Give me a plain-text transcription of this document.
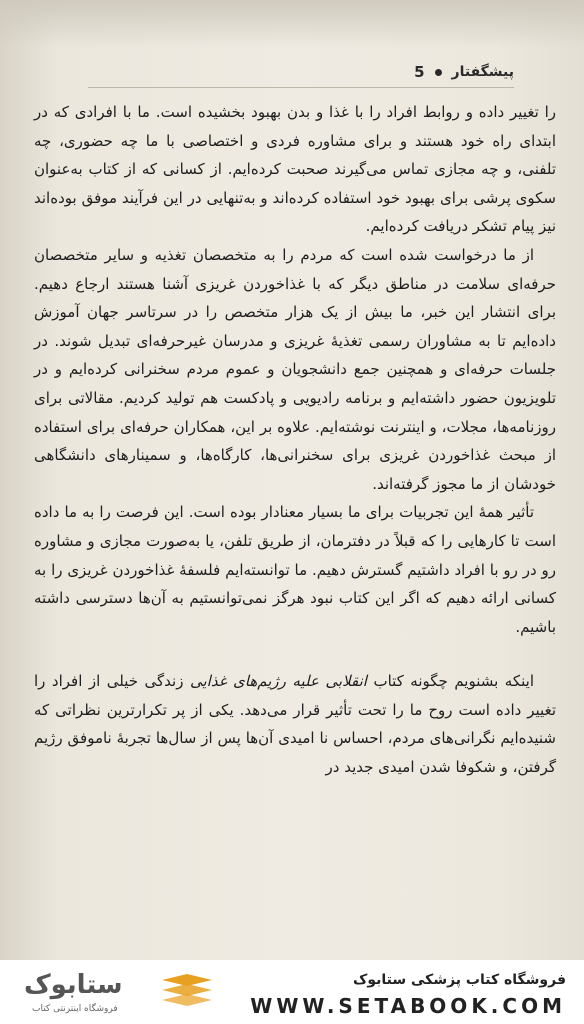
پیشگفتار
5

را تغییر داده و روابط افراد را با غذا و بدن بهبود بخشیده است. ما با افرادی که در ابتدای راه خود هستند و برای مشاوره فردی و اختصاصی با ما چه حضوری، چه تلفنی، و چه مجازی تماس می‌گیرند صحبت کرده‌ایم. از کسانی که از کتاب به‌عنوان سکوی پرشی برای بهبود خود استفاده کرده‌اند و به‌تنهایی در این فرآیند موفق بوده‌اند نیز پیام تشکر دریافت کرده‌ایم.

از ما درخواست شده است که مردم را به متخصصان تغذیه و سایر متخصصان حرفه‌ای سلامت در مناطق دیگر که با غذاخوردن غریزی آشنا هستند ارجاع دهیم. برای انتشار این خبر، ما بیش از یک هزار متخصص را در سرتاسر جهان آموزش داده‌ایم تا به مشاوران رسمی تغذیهٔ غریزی و مدرسان غیرحرفه‌ای تبدیل شوند. در جلسات حرفه‌ای و همچنین جمع دانشجویان و عموم مردم سخنرانی کرده‌ایم و در تلویزیون حضور داشته‌ایم و برنامه رادیویی و پادکست هم تولید کردیم. مقالاتی برای روزنامه‌ها، مجلات، و اینترنت نوشته‌ایم. علاوه بر این، همکاران حرفه‌ای برای استفاده از مبحث غذاخوردن غریزی برای سخنرانی‌ها، کارگاه‌ها، و سمینارهای دانشگاهی خودشان از ما مجوز گرفته‌اند.

تأثیر همهٔ این تجربیات برای ما بسیار معنادار بوده است. این فرصت را به ما داده است تا کارهایی را که قبلاً در دفترمان، از طریق تلفن، یا به‌صورت مجازی و مشاوره رو در رو با افراد داشتیم گسترش دهیم. ما توانسته‌ایم فلسفهٔ غذاخوردن غریزی را به کسانی ارائه دهیم که اگر این کتاب نبود هرگز نمی‌توانستیم به آن‌ها دسترسی داشته باشیم.

اینکه بشنویم چگونه کتاب انقلابی علیه رژیم‌های غذایی زندگی خیلی از افراد را تغییر داده است روح ما را تحت تأثیر قرار می‌دهد. یکی از پر تکرارترین نظراتی که شنیده‌ایم نگرانی‌های مردم، احساس نا امیدی آن‌ها پس از سال‌ها تجربهٔ ناموفق رژیم گرفتن، و شکوفا شدن امیدی جدید در

ستابوک
فروشگاه اینترنتی کتاب
فروشگاه کتاب پزشکی ستابوک
WWW.SETABOOK.COM
